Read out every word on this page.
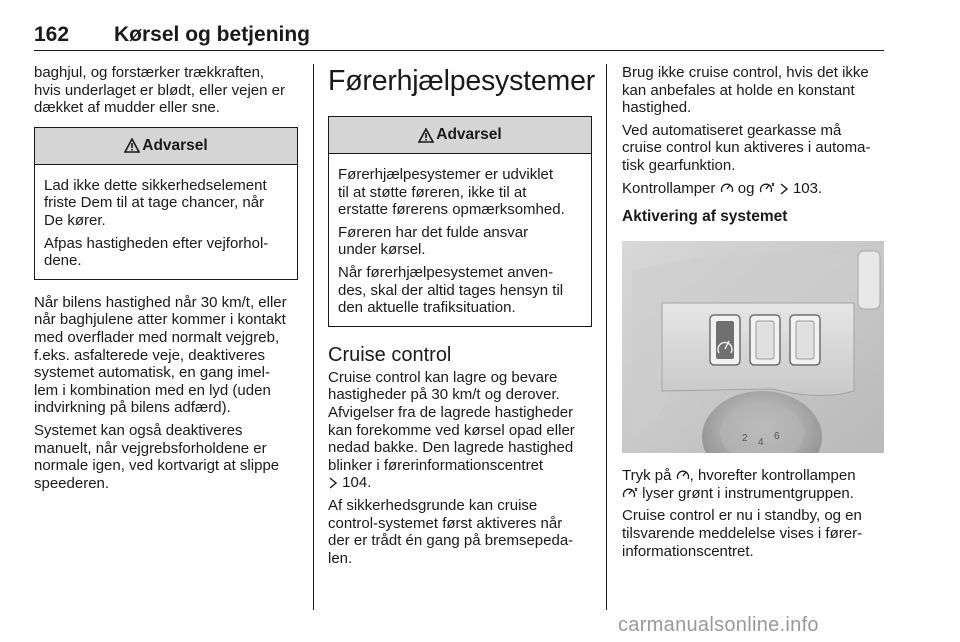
162 Kørsel og betjening

baghjul, og forstærker trækkraften,
hvis underlaget er blødt, eller vejen er
dækket af mudder eller sne.

Advarsel

Lad ikke dette sikkerhedselement
friste Dem til at tage chancer, når
De kører.

Afpas hastigheden efter vejforhol-
dene.

Når bilens hastighed når 30 km/t, eller
når baghjulene atter kommer i kontakt
med overflader med normalt vejgreb,
f.eks. asfalterede veje, deaktiveres
systemet automatisk, en gang imel-
lem i kombination med en lyd (uden
indvirkning på bilens adfærd).

Systemet kan også deaktiveres
manuelt, når vejgrebsforholdene er
normale igen, ved kortvarigt at slippe
speederen.

Førerhjælpesystemer
Advarsel

Førerhjælpesystemer er udviklet
til at støtte føreren, ikke til at
erstatte førerens opmærksomhed.

Føreren har det fulde ansvar
under kørsel.

Når førerhjælpesystemet anven-
des, skal der altid tages hensyn til
den aktuelle trafiksituation.

Cruise control

Cruise control kan lagre og bevare
hastigheder på 30 km/t og derover.
Afvigelser fra de lagrede hastigheder
kan forekomme ved kørsel opad eller
nedad bakke. Den lagrede hastighed
blinker i førerinformationscentret
104.

Af sikkerhedsgrunde kan cruise
control-systemet først aktiveres når
der er trådt én gang på bremsepeda-
len.

Brug ikke cruise control, hvis det ikke
kan anbefales at holde en konstant
hastighed.

Ved automatiseret gearkasse må
cruise control kun aktiveres i automa-
tisk gearfunktion.

Kontrollamper og	103.

Aktivering af systemet
2 4
6

Tryk på , hvorefter kontrollampen
lyser grønt i instrumentgruppen.

Cruise control er nu i standby, og en
tilsvarende meddelelse vises i fører-
informationscentret.

carmanualsonline.info
